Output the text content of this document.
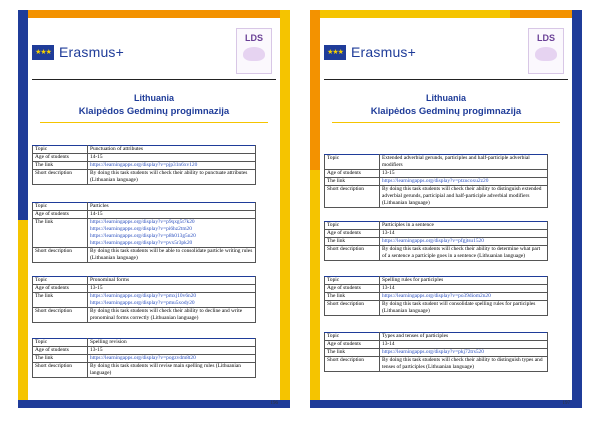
★★★ Erasmus+
LDS
Lithuania
Klaipėdos Gedminų progimnazija
Topic	Punctuation of attributes
Age of students	14-15
The link	https://learningapps.org/display?v=pjp31n6xv120

Short description	By doing this task students will check their ability to punctuate attributes (Lithuanian language)
Topic	Particles
Age of students	14-15
The link	https://learningapps.org/display?v=p9qxg5t7k20
https://learningapps.org/display?v=pi6hz2tm20
https://learningapps.org/display?v=p8h013g5n20
https://learningapps.org/display?v=pvx5r3pk20

Short description	By doing this task students will be able to consolidate particle writing rules (Lithuanian language)
Topic	Pronominal forms
Age of students	13-15
The link	https://learningapps.org/display?v=pmxj10v6n20
https://learningapps.org/display?v=pmu5xody20

Short description	By doing this task students will check their ability to decline and write pronominal forms correctly (Lithuanian language)
Topic	Spelling revision
Age of students	13-15
The link	https://learningapps.org/display?v=pogzvdm8t20

Short description	By doing this task students will revise main spelling rules (Lithuanian language)
196
★★★ Erasmus+
LDS
Lithuania
Klaipėdos Gedminų progimnazija
Topic	Extended adverbial gerunds, participles and half-participle adverbial modifiers
Age of students	13-15
The link	https://learningapps.org/display?v=ptzucoxu2z20

Short description	By doing this task students will check their ability to distinguish extended adverbial gerunds, participial and half-participle adverbial modifiers (Lithuanian language)
Topic	Participles in a sentence
Age of students	13-14
The link	https://learningapps.org/display?v=pfgjtsu1520

Short description	By doing this task students will check their ability to determine what part of a sentence a participle goes in a sentence (Lithuanian language)
Topic	Spelling rules for participles
Age of students	13-14
The link	https://learningapps.org/display?v=po39diom2n20

Short description	By doing this task student will consolidate spelling rules for participles (Lithuanian language)
Topic	Types and tenses of participles
Age of students	13-14
The link	https://learningapps.org/display?v=pkj72trs520

Short description	By doing this task students will check their ability to distinguish types and tenses of participles (Lithuanian language)
197
